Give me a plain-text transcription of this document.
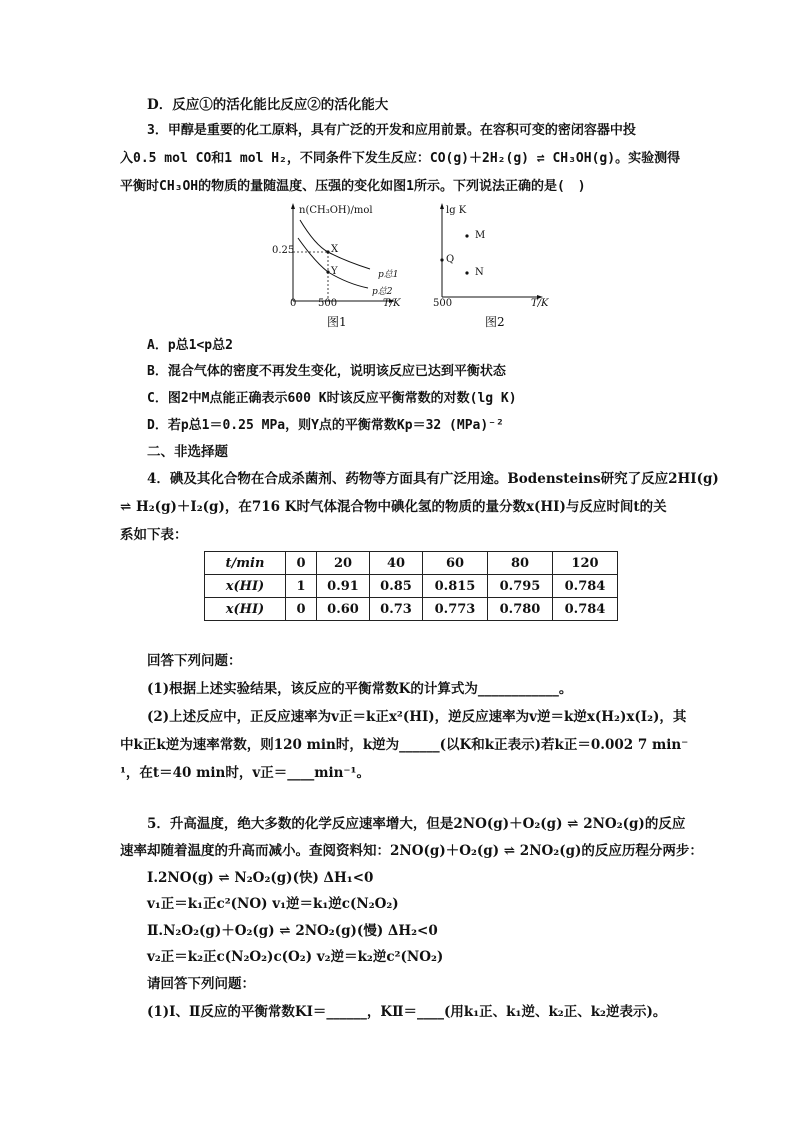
D．反应①的活化能比反应②的活化能大
3．甲醇是重要的化工原料，具有广泛的开发和应用前景。在容积可变的密闭容器中投
入0.5 mol CO和1 mol H₂，不同条件下发生反应：CO(g)＋2H₂(g) ⇌ CH₃OH(g)。实验测得
平衡时CH₃OH的物质的量随温度、压强的变化如图1所示。下列说法正确的是(　)
n(CH₃OH)/mol
0.25
0 500	T/K
X
Y	p总1
p总2
图1
lg K
M
Q
N
500	T/K
图2
A．p总1<p总2
B．混合气体的密度不再发生变化，说明该反应已达到平衡状态
C．图2中M点能正确表示600 K时该反应平衡常数的对数(lg K)
D．若p总1＝0.25 MPa，则Y点的平衡常数Kp＝32 (MPa)⁻²
二、非选择题
4．碘及其化合物在合成杀菌剂、药物等方面具有广泛用途。Bodensteins研究了反应2HI(g)
⇌ H₂(g)＋I₂(g)，在716 K时气体混合物中碘化氢的物质的量分数x(HI)与反应时间t的关
系如下表：
t/min	0	20	40	60	80	120
x(HI)	1	0.91	0.85	0.815	0.795	0.784
x(HI)	0	0.60	0.73	0.773	0.780	0.784
回答下列问题：
(1)根据上述实验结果，该反应的平衡常数K的计算式为____________。
(2)上述反应中，正反应速率为v正＝k正x²(HI)，逆反应速率为v逆＝k逆x(H₂)x(I₂)，其
中k正k逆为速率常数，则120 min时，k逆为______(以K和k正表示)若k正＝0.002 7 min⁻
¹，在t＝40 min时，v正＝____min⁻¹。
5．升高温度，绝大多数的化学反应速率增大，但是2NO(g)＋O₂(g) ⇌ 2NO₂(g)的反应
速率却随着温度的升高而减小。查阅资料知：2NO(g)＋O₂(g) ⇌ 2NO₂(g)的反应历程分两步：
Ⅰ.2NO(g) ⇌ N₂O₂(g)(快) ΔH₁<0
v₁正＝k₁正c²(NO) v₁逆＝k₁逆c(N₂O₂)
Ⅱ.N₂O₂(g)＋O₂(g) ⇌ 2NO₂(g)(慢) ΔH₂<0
v₂正＝k₂正c(N₂O₂)c(O₂) v₂逆＝k₂逆c²(NO₂)
请回答下列问题：
(1)Ⅰ、Ⅱ反应的平衡常数KⅠ＝______，KⅡ＝____(用k₁正、k₁逆、k₂正、k₂逆表示)。
